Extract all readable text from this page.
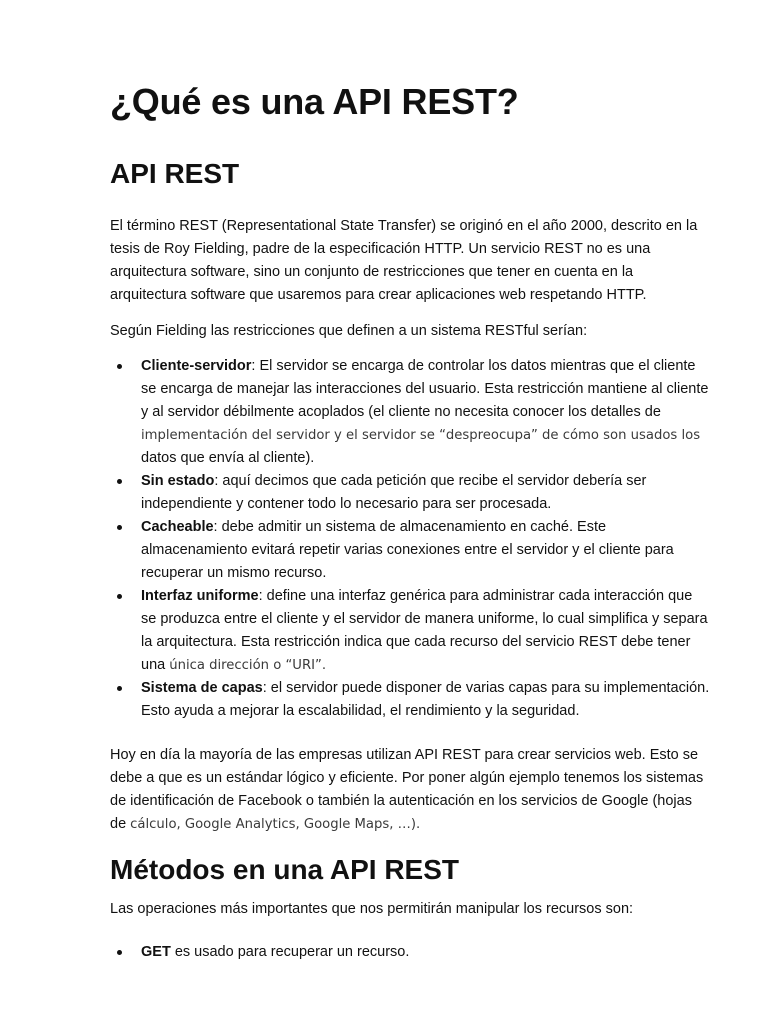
¿Qué es una API REST?
API REST

El término REST (Representational State Transfer) se originó en el año 2000, descrito en la tesis de Roy Fielding, padre de la especificación HTTP. Un servicio REST no es una arquitectura software, sino un conjunto de restricciones que tener en cuenta en la arquitectura software que usaremos para crear aplicaciones web respetando HTTP.

Según Fielding las restricciones que definen a un sistema RESTful serían:

Cliente-servidor: El servidor se encarga de controlar los datos mientras que el cliente se encarga de manejar las interacciones del usuario. Esta restricción mantiene al cliente y al servidor débilmente acoplados (el cliente no necesita conocer los detalles de implementación del servidor y el servidor se “despreocupa” de cómo son usados los datos que envía al cliente).
Sin estado: aquí decimos que cada petición que recibe el servidor debería ser independiente y contener todo lo necesario para ser procesada.
Cacheable: debe admitir un sistema de almacenamiento en caché. Este almacenamiento evitará repetir varias conexiones entre el servidor y el cliente para recuperar un mismo recurso.
Interfaz uniforme: define una interfaz genérica para administrar cada interacción que se produzca entre el cliente y el servidor de manera uniforme, lo cual simplifica y separa la arquitectura. Esta restricción indica que cada recurso del servicio REST debe tener una única dirección o “URI”.
Sistema de capas: el servidor puede disponer de varias capas para su implementación. Esto ayuda a mejorar la escalabilidad, el rendimiento y la seguridad.

Hoy en día la mayoría de las empresas utilizan API REST para crear servicios web. Esto se debe a que es un estándar lógico y eficiente. Por poner algún ejemplo tenemos los sistemas de identificación de Facebook o también la autenticación en los servicios de Google (hojas de cálculo, Google Analytics, Google Maps, …).

Métodos en una API REST

Las operaciones más importantes que nos permitirán manipular los recursos son:

GET es usado para recuperar un recurso.
